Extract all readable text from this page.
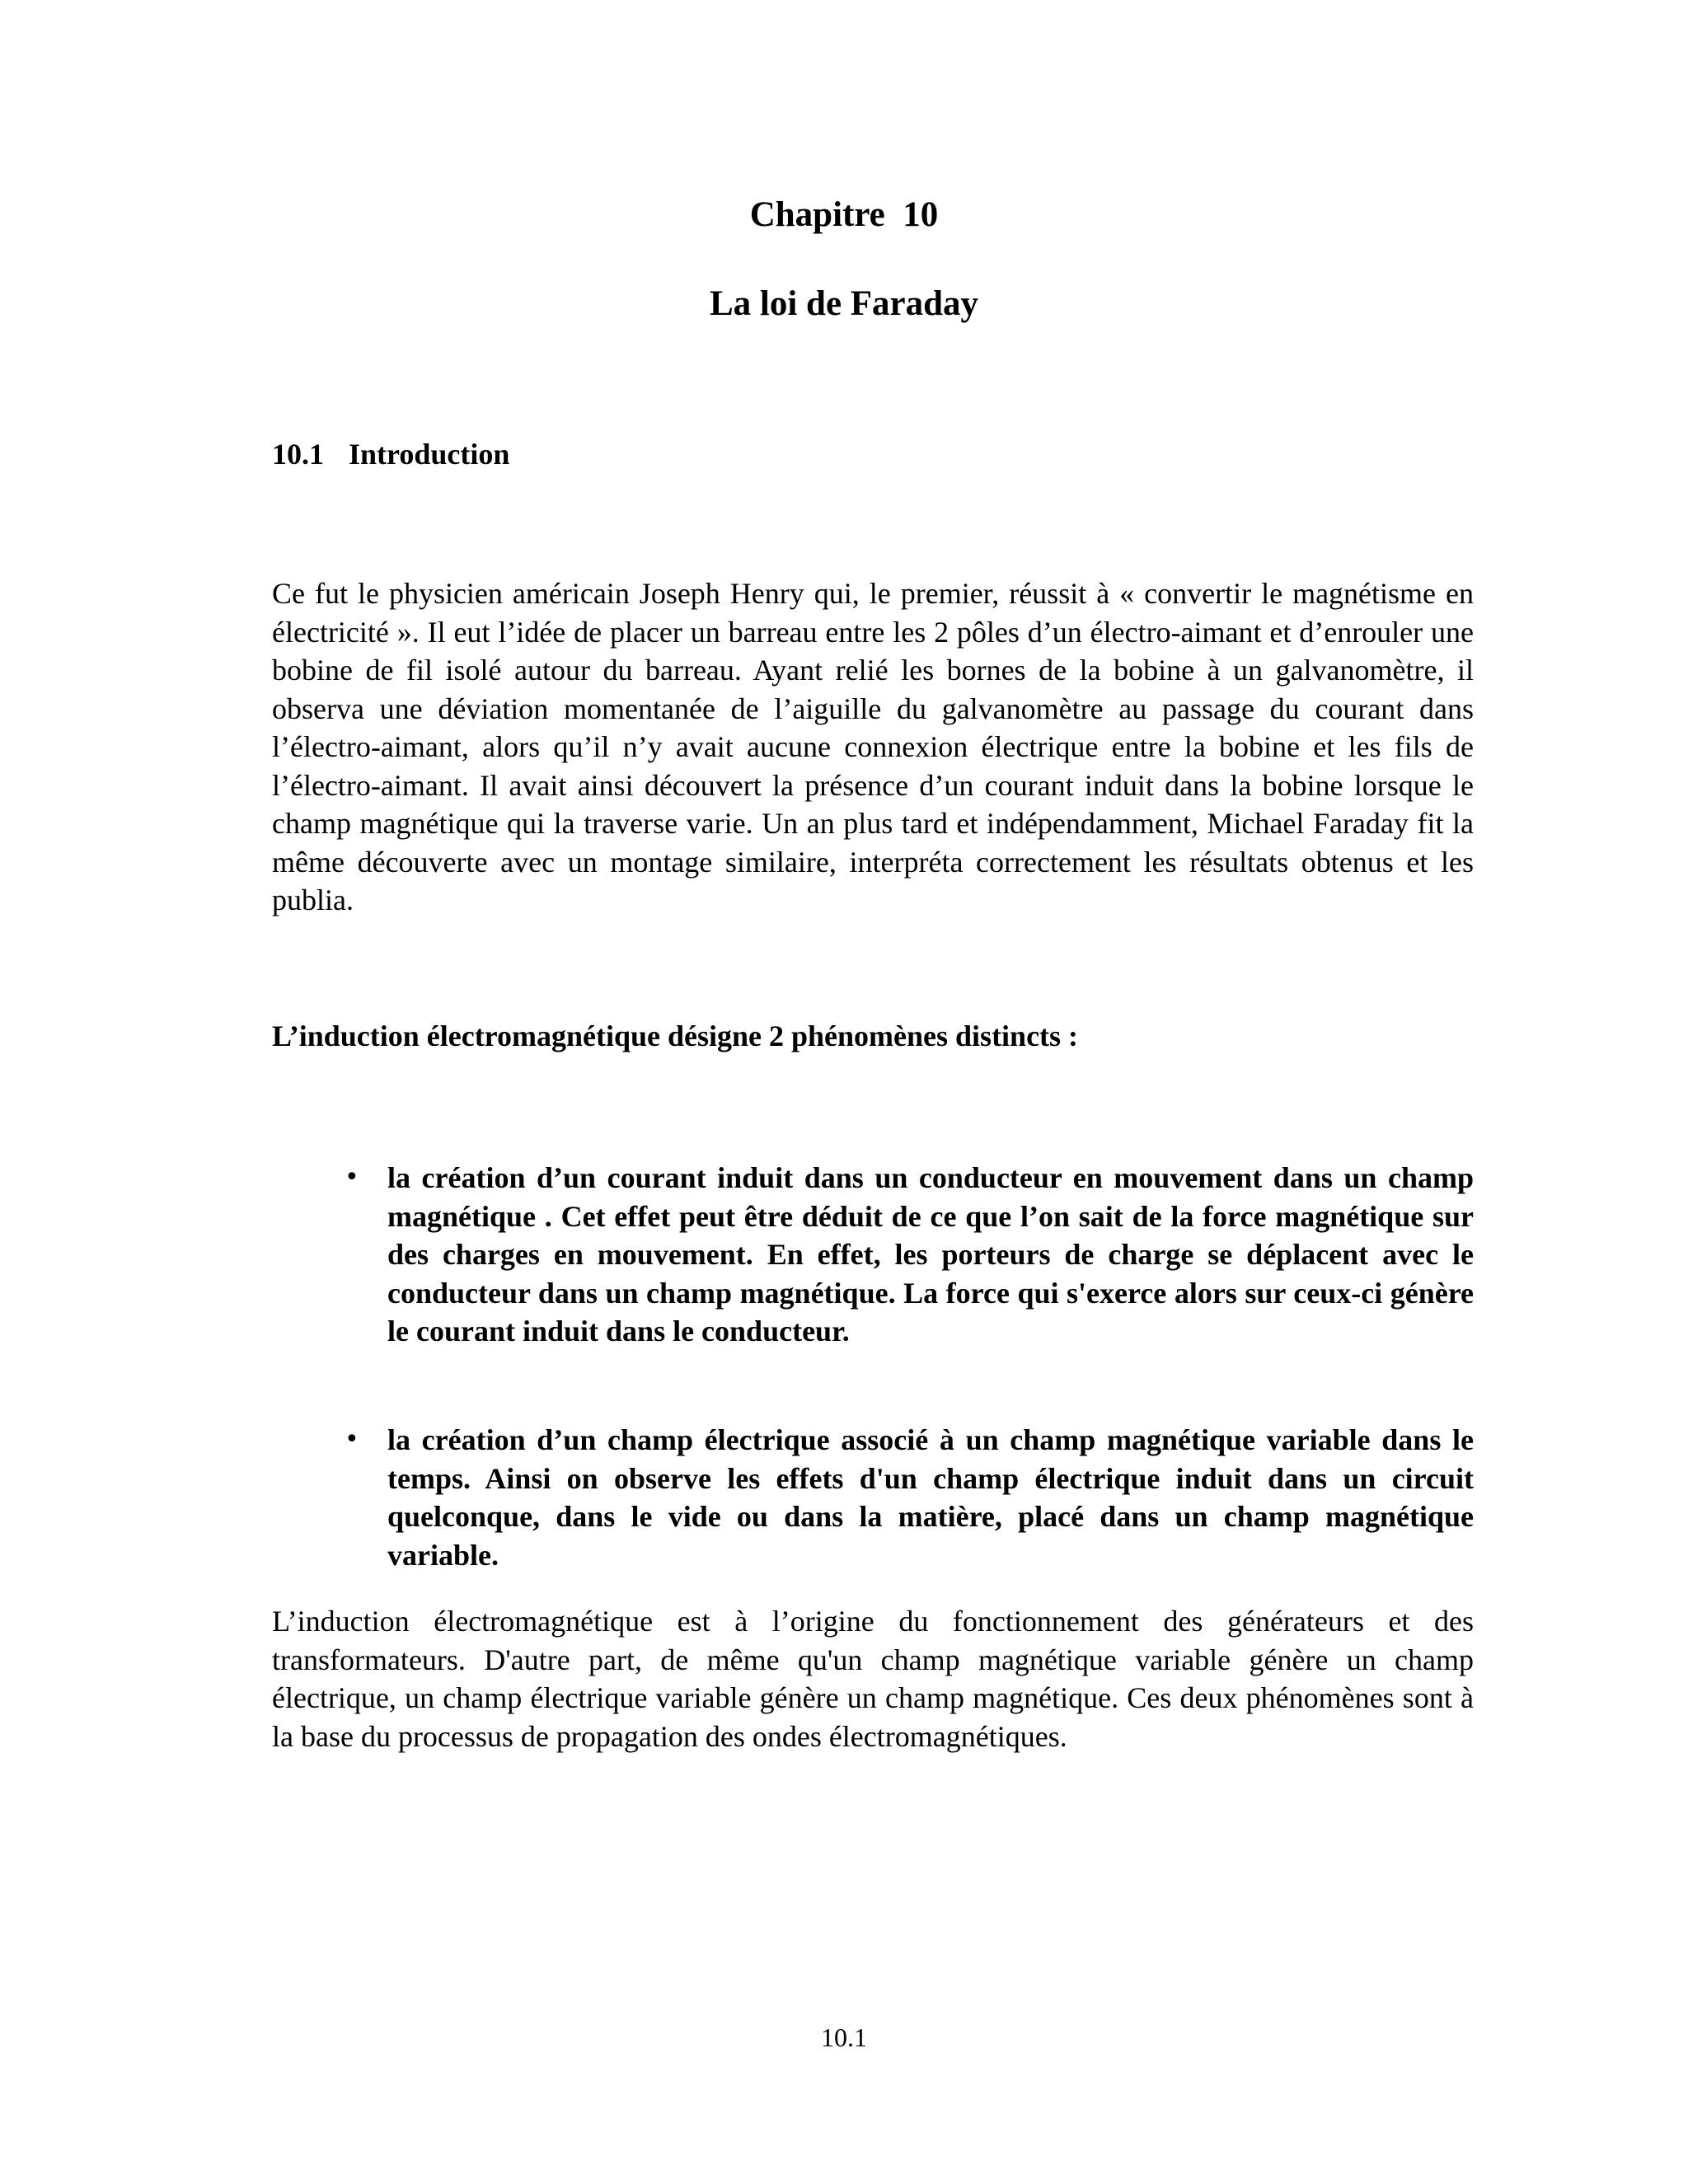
Chapitre  10
La loi de Faraday
10.1 Introduction

Ce fut le physicien américain Joseph Henry qui, le premier, réussit à « convertir le magnétisme en électricité ». Il eut l’idée de placer un barreau entre les 2 pôles d’un électro-aimant et d’enrouler une bobine de fil isolé autour du barreau. Ayant relié les bornes de la bobine à un galvanomètre, il observa une déviation momentanée de l’aiguille du galvanomètre au passage du courant dans l’électro-aimant, alors qu’il n’y avait aucune connexion électrique entre la bobine et les fils de l’électro-aimant. Il avait ainsi découvert la présence d’un courant induit dans la bobine lorsque le champ magnétique qui la traverse varie. Un an plus tard et indépendamment, Michael Faraday fit la même découverte avec un montage similaire, interpréta correctement les résultats obtenus et les publia.

L’induction électromagnétique désigne 2 phénomènes distincts :
• la création d’un courant induit dans un conducteur en mouvement dans un champ magnétique . Cet effet peut être déduit de ce que l’on sait de la force magnétique sur des charges en mouvement. En effet, les porteurs de charge se déplacent avec le conducteur dans un champ magnétique. La force qui s'exerce alors sur ceux-ci génère le courant induit dans le conducteur.
• la création d’un champ électrique associé à un champ magnétique variable dans le temps. Ainsi on observe les effets d'un champ électrique induit dans un circuit quelconque, dans le vide ou dans la matière, placé dans un champ magnétique variable.

L’induction électromagnétique est à l’origine du fonctionnement des générateurs et des transformateurs. D'autre part, de même qu'un champ magnétique variable génère un champ électrique, un champ électrique variable génère un champ magnétique. Ces deux phénomènes sont à la base du processus de propagation des ondes électromagnétiques.

10.1
